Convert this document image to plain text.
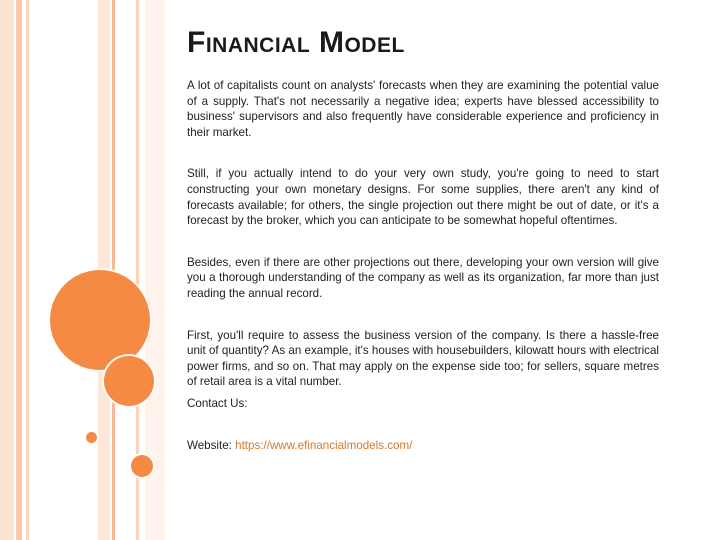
Financial Model

A lot of capitalists count on analysts' forecasts when they are examining the potential value of a supply. That's not necessarily a negative idea; experts have blessed accessibility to business' supervisors and also frequently have considerable experience and proficiency in their market.

Still, if you actually intend to do your very own study, you're going to need to start constructing your own monetary designs. For some supplies, there aren't any kind of forecasts available; for others, the single projection out there might be out of date, or it's a forecast by the broker, which you can anticipate to be somewhat hopeful oftentimes.

Besides, even if there are other projections out there, developing your own version will give you a thorough understanding of the company as well as its organization, far more than just reading the annual record.

First, you'll require to assess the business version of the company. Is there a hassle-free unit of quantity? As an example, it's houses with housebuilders, kilowatt hours with electrical power firms, and so on. That may apply on the expense side too; for sellers, square metres of retail area is a vital number.

Contact Us:

Website: https://www.efinancialmodels.com/
